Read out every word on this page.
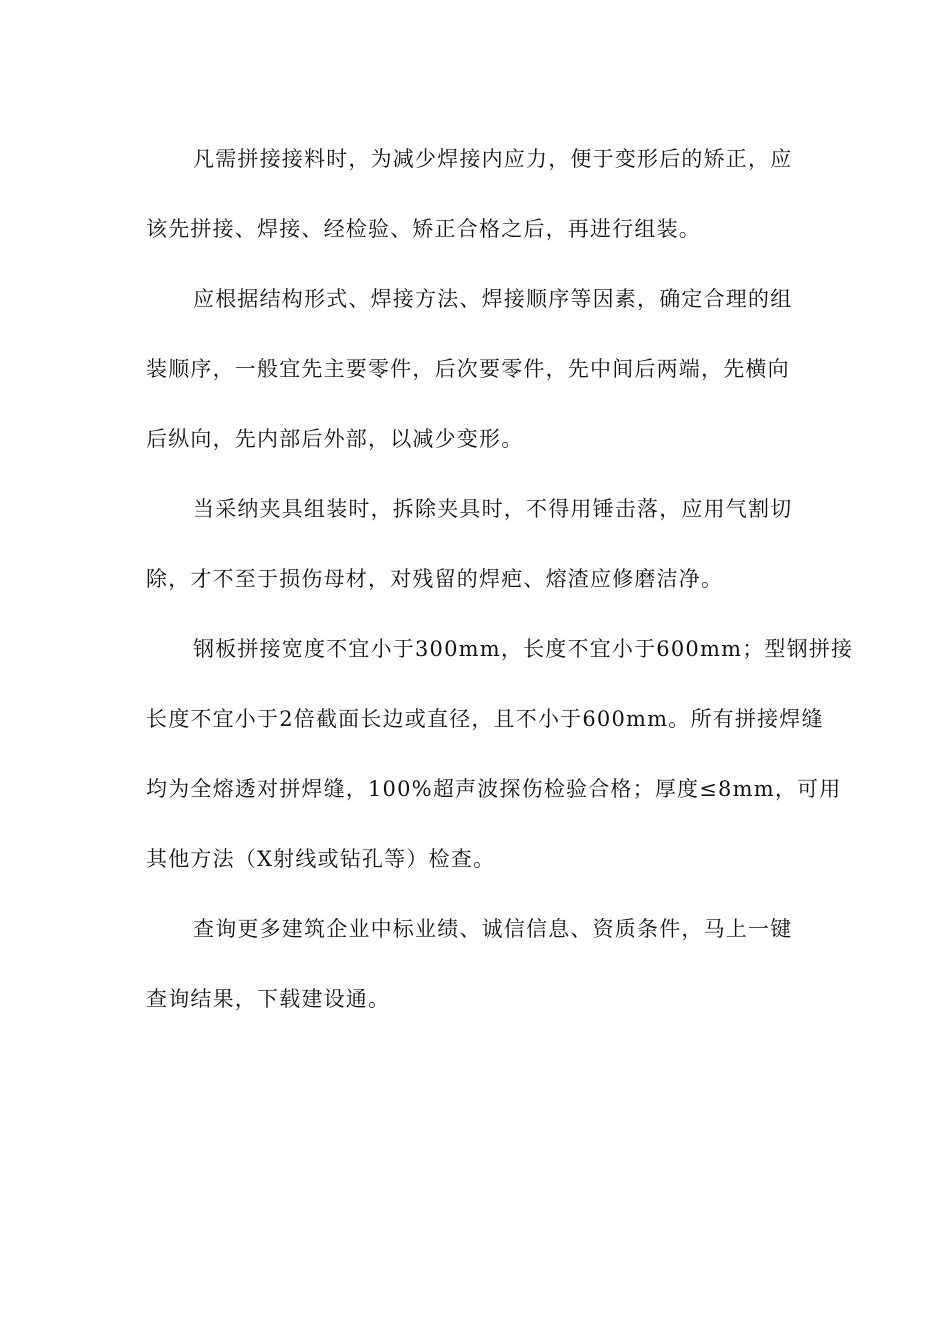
凡需拼接接料时，为减少焊接内应力，便于变形后的矫正，应
该先拼接、焊接、经检验、矫正合格之后，再进行组装。
应根据结构形式、焊接方法、焊接顺序等因素，确定合理的组
装顺序，一般宜先主要零件，后次要零件，先中间后两端，先横向
后纵向，先内部后外部，以减少变形。
当采纳夹具组装时，拆除夹具时，不得用锤击落，应用气割切
除，才不至于损伤母材，对残留的焊疤、熔渣应修磨洁净。
钢板拼接宽度不宜小于300mm，长度不宜小于600mm；型钢拼接
长度不宜小于2倍截面长边或直径，且不小于600mm。所有拼接焊缝
均为全熔透对拼焊缝，100%超声波探伤检验合格；厚度≤8mm，可用
其他方法（X射线或钻孔等）检查。
查询更多建筑企业中标业绩、诚信信息、资质条件，马上一键
查询结果，下载建设通。
